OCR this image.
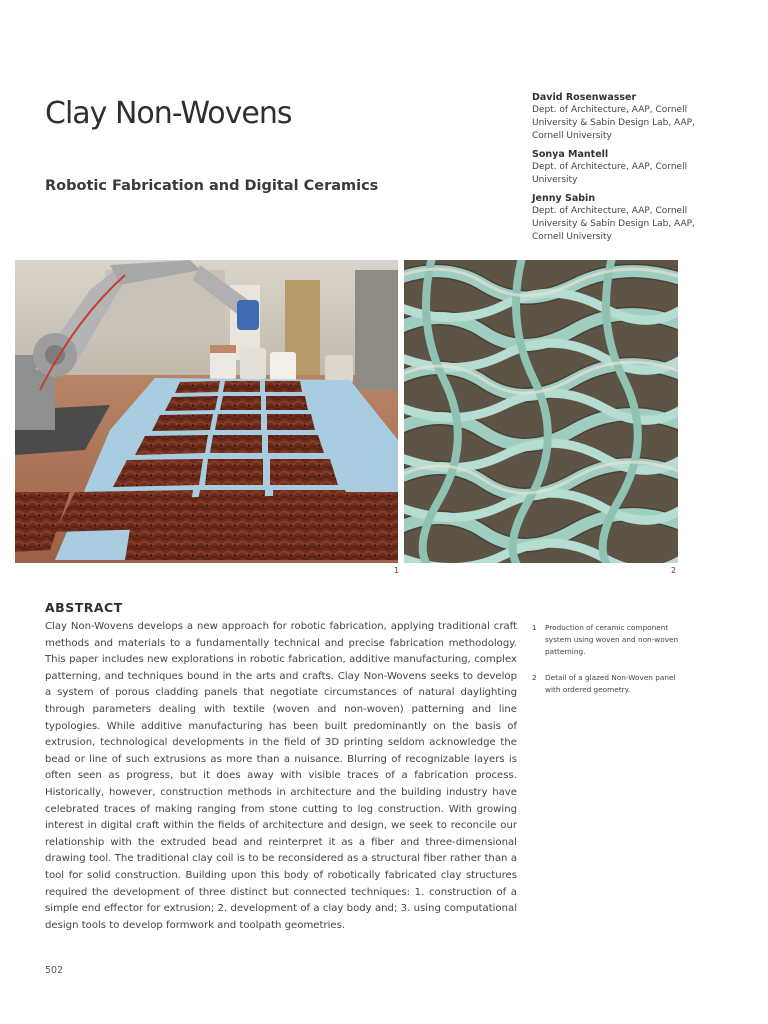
Clay Non-Wovens
Robotic Fabrication and Digital Ceramics
David Rosenwasser
Dept. of Architecture, AAP, Cornell University & Sabin Design Lab, AAP, Cornell University
Sonya Mantell
Dept. of Architecture, AAP, Cornell University
Jenny Sabin
Dept. of Architecture, AAP, Cornell University & Sabin Design Lab, AAP, Cornell University
1	2
ABSTRACT

Clay Non-Wovens develops a new approach for robotic fabrication, applying traditional craft methods and materials to a fundamentally technical and precise fabrication methodology. This paper includes new explorations in robotic fabrication, additive manufacturing, complex patterning, and techniques bound in the arts and crafts. Clay Non-Wovens seeks to develop a system of porous cladding panels that negotiate circumstances of natural daylighting through parameters dealing with textile (woven and non-woven) patterning and line typologies. While additive manufacturing has been built predominantly on the basis of extrusion, technological developments in the field of 3D printing seldom acknowledge the bead or line of such extrusions as more than a nuisance. Blurring of recognizable layers is often seen as progress, but it does away with visible traces of a fabrication process. Historically, however, construction methods in architecture and the building industry have celebrated traces of making ranging from stone cutting to log construction. With growing interest in digital craft within the fields of architecture and design, we seek to reconcile our relationship with the extruded bead and reinterpret it as a fiber and three-dimensional drawing tool. The traditional clay coil is to be reconsidered as a structural fiber rather than a tool for solid construction. Building upon this body of robotically fabricated clay structures required the development of three distinct but connected techniques: 1. construction of a simple end effector for extrusion; 2. development of a clay body and; 3. using computational design tools to develop formwork and toolpath geometries.

1 Production of ceramic component system using woven and non-woven patterning.
2 Detail of a glazed Non-Woven panel with ordered geometry.
502
